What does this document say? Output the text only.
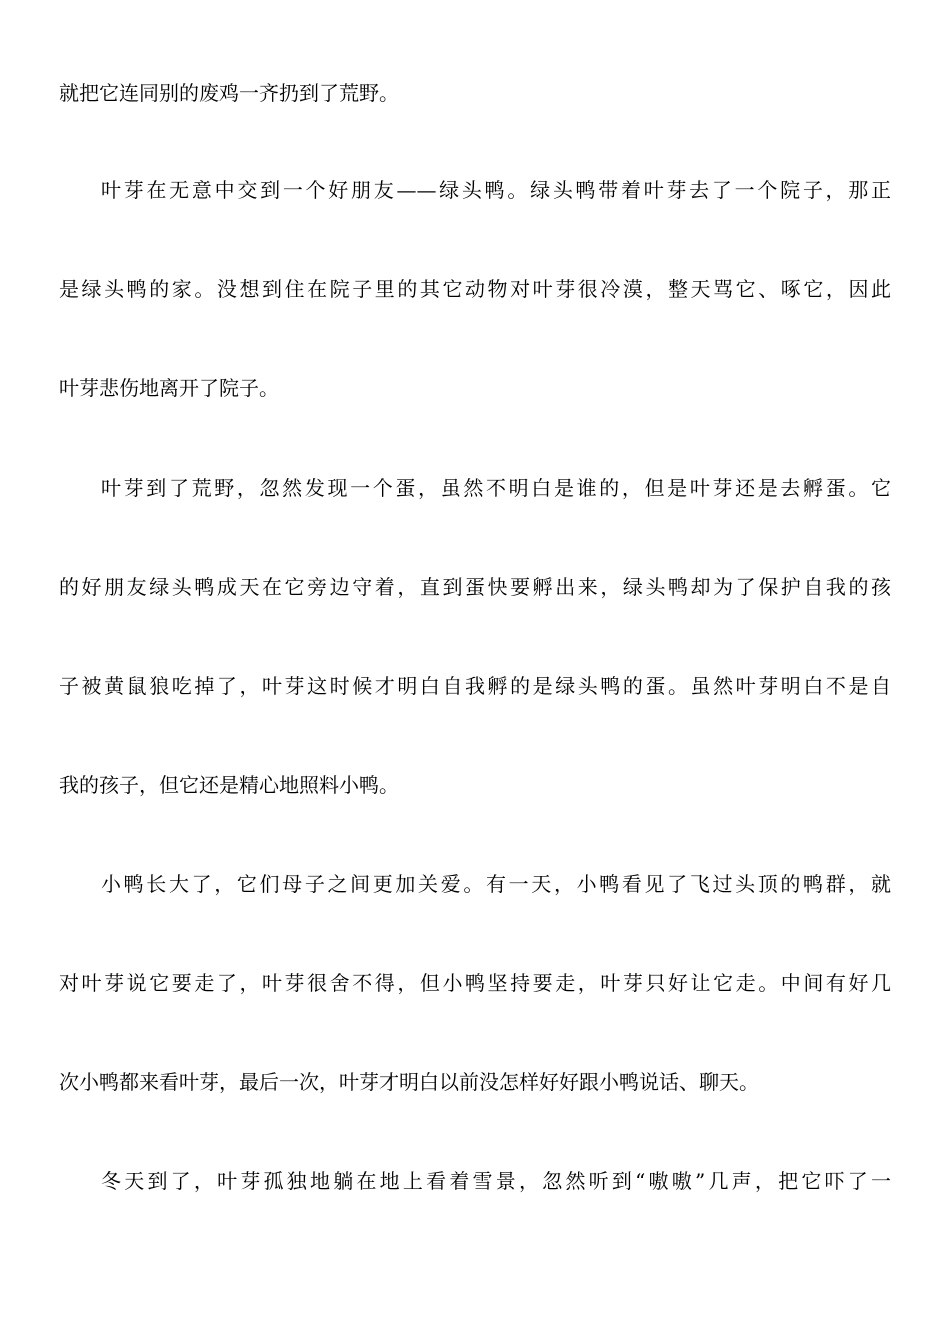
就把它连同别的废鸡一齐扔到了荒野。
叶芽在无意中交到一个好朋友——绿头鸭。绿头鸭带着叶芽去了一个院子，那正
是绿头鸭的家。没想到住在院子里的其它动物对叶芽很冷漠，整天骂它、啄它，因此
叶芽悲伤地离开了院子。
叶芽到了荒野，忽然发现一个蛋，虽然不明白是谁的，但是叶芽还是去孵蛋。它
的好朋友绿头鸭成天在它旁边守着，直到蛋快要孵出来，绿头鸭却为了保护自我的孩
子被黄鼠狼吃掉了，叶芽这时候才明白自我孵的是绿头鸭的蛋。虽然叶芽明白不是自
我的孩子，但它还是精心地照料小鸭。
小鸭长大了，它们母子之间更加关爱。有一天，小鸭看见了飞过头顶的鸭群，就
对叶芽说它要走了，叶芽很舍不得，但小鸭坚持要走，叶芽只好让它走。中间有好几
次小鸭都来看叶芽，最后一次，叶芽才明白以前没怎样好好跟小鸭说话、聊天。
冬天到了，叶芽孤独地躺在地上看着雪景，忽然听到“嗷嗷”几声，把它吓了一
